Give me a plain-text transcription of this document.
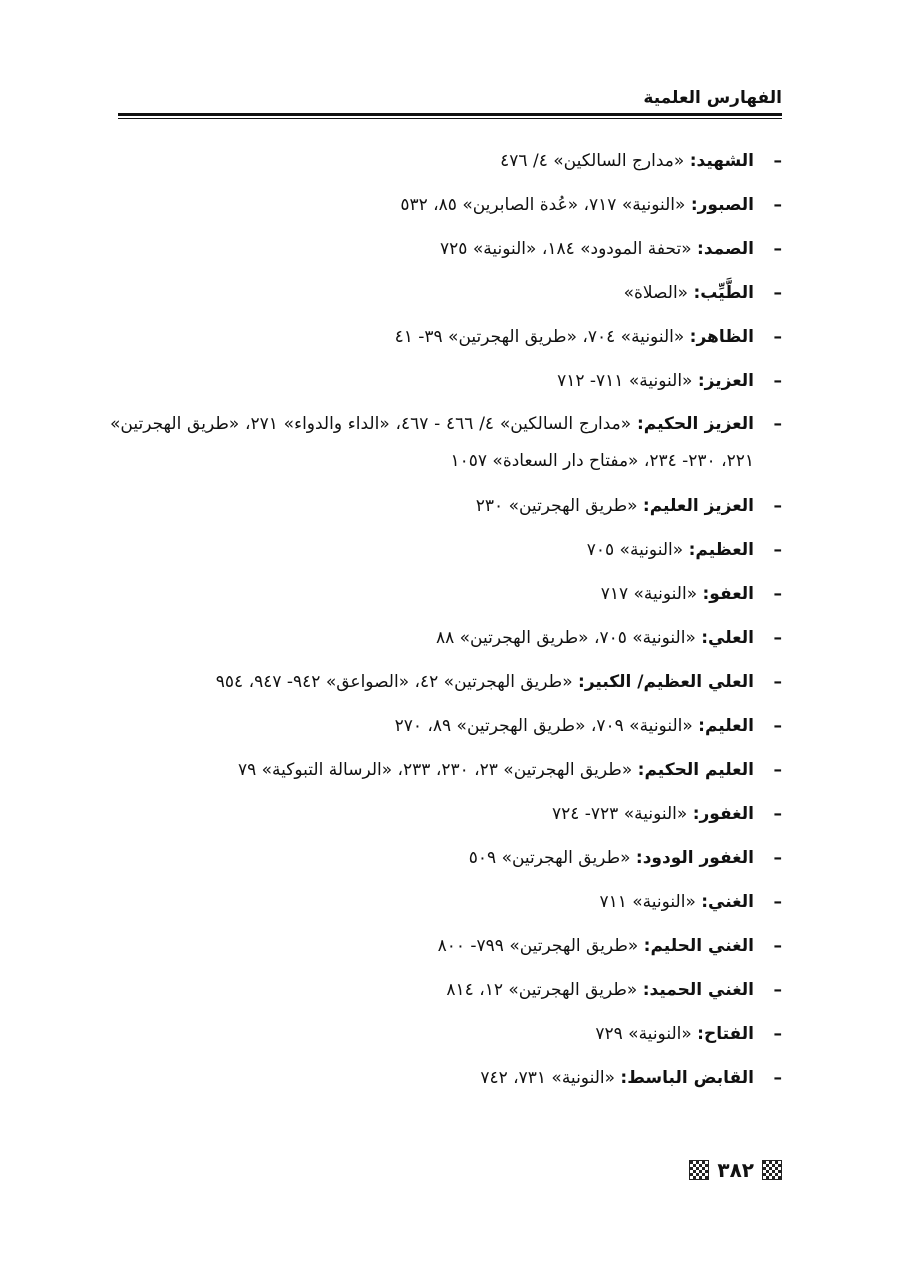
الفهارس العلمية
–
الشهيد: «مدارج السالكين» ٤/ ٤٧٦
–
الصبور: «النونية» ٧١٧، «عُدة الصابرين» ٨٥، ٥٣٢
–
الصمد: «تحفة المودود» ١٨٤، «النونية» ٧٢٥
–
الطَّيِّب: «الصلاة»
–
الظاهر: «النونية» ٧٠٤، «طريق الهجرتين» ٣٩- ٤١
–
العزيز: «النونية» ٧١١- ٧١٢
–
العزيز الحكيم: «مدارج السالكين» ٤/ ٤٦٦ - ٤٦٧، «الداء والدواء» ٢٧١، «طريق الهجرتين» ٢٢١، ٢٣٠- ٢٣٤، «مفتاح دار السعادة» ١٠٥٧
–
العزيز العليم: «طريق الهجرتين» ٢٣٠
–
العظيم: «النونية» ٧٠٥
–
العفو: «النونية» ٧١٧
–
العلي: «النونية» ٧٠٥، «طريق الهجرتين» ٨٨
–
العلي العظيم/ الكبير: «طريق الهجرتين» ٤٢، «الصواعق» ٩٤٢- ٩٤٧، ٩٥٤
–
العليم: «النونية» ٧٠٩، «طريق الهجرتين» ٨٩، ٢٧٠
–
العليم الحكيم: «طريق الهجرتين» ٢٣، ٢٣٠، ٢٣٣، «الرسالة التبوكية» ٧٩
–
الغفور: «النونية» ٧٢٣- ٧٢٤
–
الغفور الودود: «طريق الهجرتين» ٥٠٩
–
الغني: «النونية» ٧١١
–
الغني الحليم: «طريق الهجرتين» ٧٩٩- ٨٠٠
–
الغني الحميد: «طريق الهجرتين» ١٢، ٨١٤
–
الفتاح: «النونية» ٧٢٩
–
القابض الباسط: «النونية» ٧٣١، ٧٤٢
٣٨٢
